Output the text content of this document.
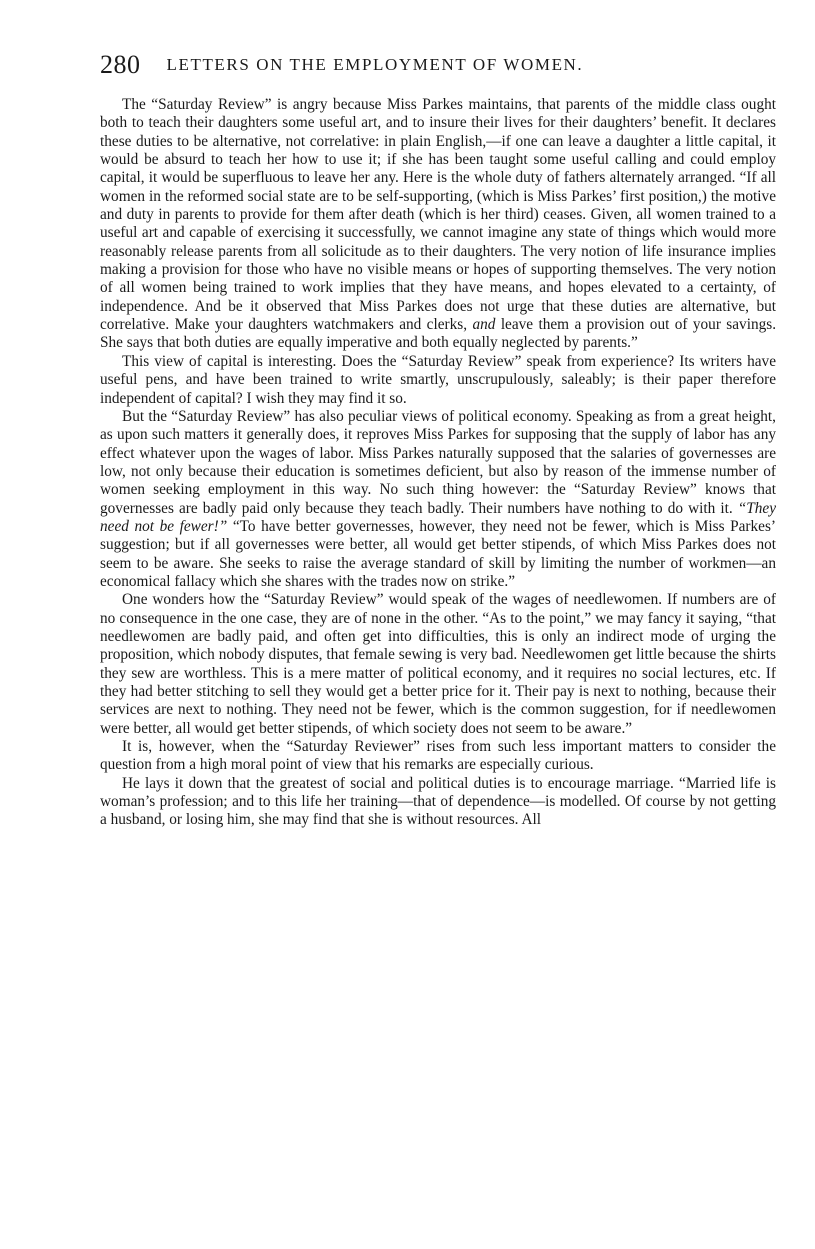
280 LETTERS ON THE EMPLOYMENT OF WOMEN.

The “Saturday Review” is angry because Miss Parkes maintains, that parents of the middle class ought both to teach their daughters some useful art, and to insure their lives for their daughters’ benefit. It declares these duties to be alternative, not correlative: in plain English,—if one can leave a daughter a little capital, it would be absurd to teach her how to use it; if she has been taught some useful calling and could employ capital, it would be superfluous to leave her any. Here is the whole duty of fathers alternately arranged. “If all women in the reformed social state are to be self-supporting, (which is Miss Parkes’ first position,) the motive and duty in parents to provide for them after death (which is her third) ceases. Given, all women trained to a useful art and capable of exercising it successfully, we cannot imagine any state of things which would more reasonably release parents from all solicitude as to their daughters. The very notion of life insurance implies making a provision for those who have no visible means or hopes of supporting themselves. The very notion of all women being trained to work implies that they have means, and hopes elevated to a certainty, of independence. And be it observed that Miss Parkes does not urge that these duties are alternative, but correlative. Make your daughters watchmakers and clerks, and leave them a provision out of your savings. She says that both duties are equally imperative and both equally neglected by parents.”

This view of capital is interesting. Does the “Saturday Review” speak from experience? Its writers have useful pens, and have been trained to write smartly, unscrupulously, saleably; is their paper therefore independent of capital? I wish they may find it so.

But the “Saturday Review” has also peculiar views of political economy. Speaking as from a great height, as upon such matters it generally does, it reproves Miss Parkes for supposing that the supply of labor has any effect whatever upon the wages of labor. Miss Parkes naturally supposed that the salaries of governesses are low, not only because their education is sometimes deficient, but also by reason of the immense number of women seeking employment in this way. No such thing however: the “Saturday Review” knows that governesses are badly paid only because they teach badly. Their numbers have nothing to do with it. “They need not be fewer!” “To have better governesses, however, they need not be fewer, which is Miss Parkes’ suggestion; but if all governesses were better, all would get better stipends, of which Miss Parkes does not seem to be aware. She seeks to raise the average standard of skill by limiting the number of workmen—an economical fallacy which she shares with the trades now on strike.”

One wonders how the “Saturday Review” would speak of the wages of needlewomen. If numbers are of no consequence in the one case, they are of none in the other. “As to the point,” we may fancy it saying, “that needlewomen are badly paid, and often get into difficulties, this is only an indirect mode of urging the proposition, which nobody disputes, that female sewing is very bad. Needlewomen get little because the shirts they sew are worthless. This is a mere matter of political economy, and it requires no social lectures, etc. If they had better stitching to sell they would get a better price for it. Their pay is next to nothing, because their services are next to nothing. They need not be fewer, which is the common suggestion, for if needlewomen were better, all would get better stipends, of which society does not seem to be aware.”

It is, however, when the “Saturday Reviewer” rises from such less important matters to consider the question from a high moral point of view that his remarks are especially curious.

He lays it down that the greatest of social and political duties is to encourage marriage. “Married life is woman’s profession; and to this life her training—that of dependence—is modelled. Of course by not getting a husband, or losing him, she may find that she is without resources. All
